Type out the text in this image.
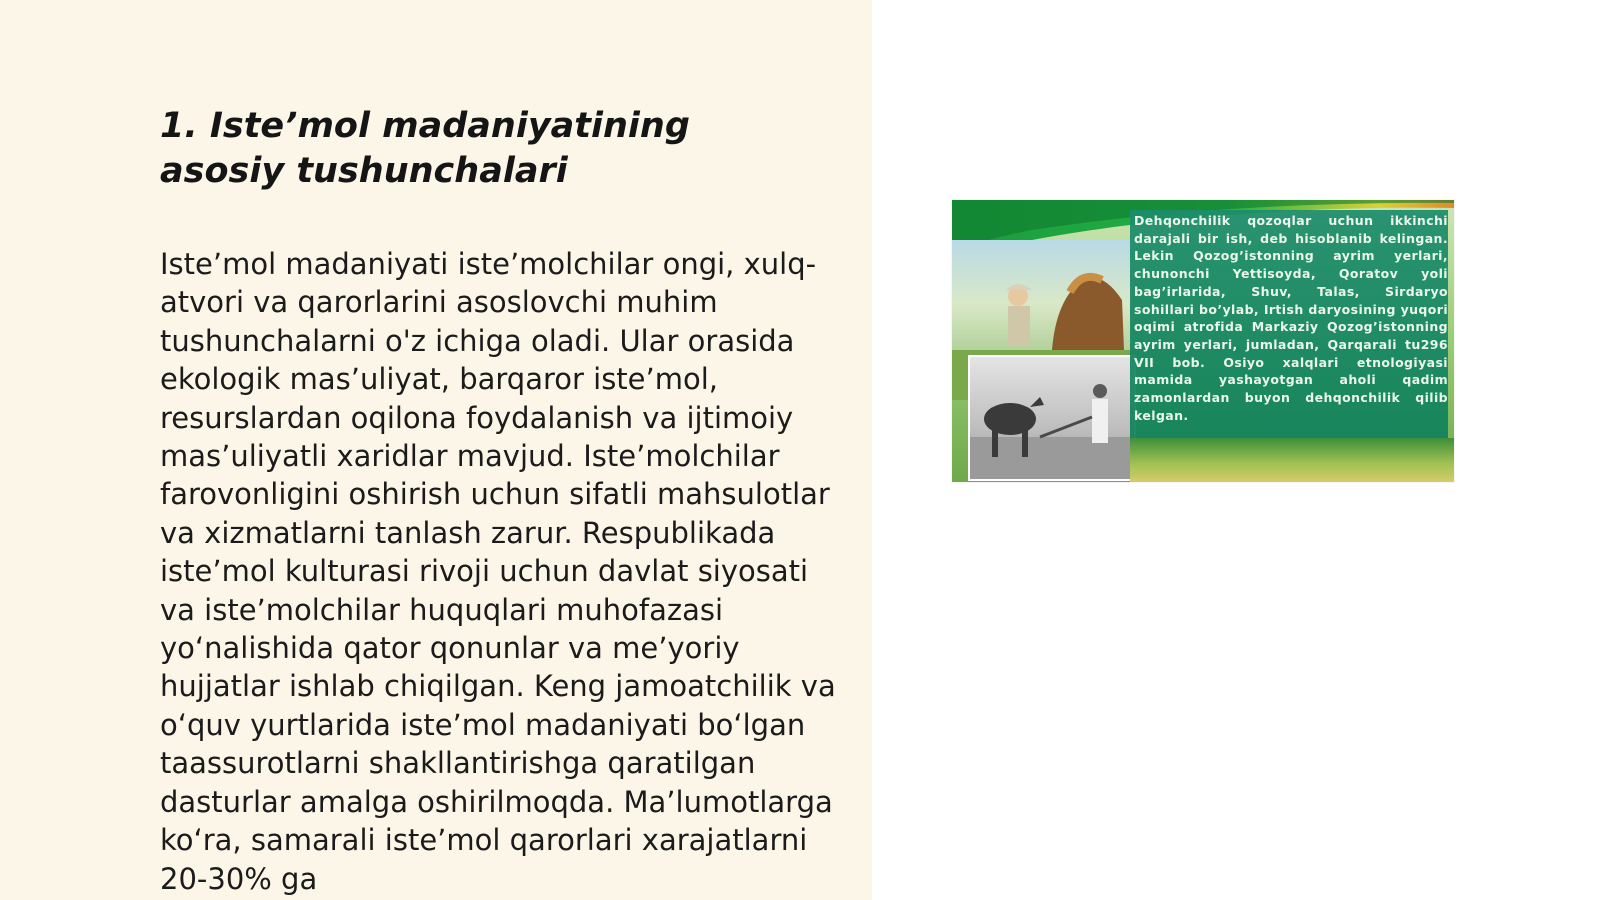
1. Iste’mol madaniyatining asosiy tushunchalari

Iste’mol madaniyati iste’molchilar ongi, xulq-atvori va qarorlarini asoslovchi muhim tushunchalarni o'z ichiga oladi. Ular orasida ekologik mas’uliyat, barqaror iste’mol, resurslardan oqilona foydalanish va ijtimoiy mas’uliyatli xaridlar mavjud. Iste’molchilar farovonligini oshirish uchun sifatli mahsulotlar va xizmatlarni tanlash zarur. Respublikada iste’mol kulturasi rivoji uchun davlat siyosati va iste’molchilar huquqlari muhofazasi yo‘nalishida qator qonunlar va me’yoriy hujjatlar ishlab chiqilgan. Keng jamoatchilik va o‘quv yurtlarida iste’mol madaniyati bo‘lgan taassurotlarni shakllantirishga qaratilgan dasturlar amalga oshirilmoqda. Ma’lumotlarga ko‘ra, samarali iste’mol qarorlari xarajatlarni 20-30% ga

Dehqonchilik qozoqlar uchun ikkinchi darajali bir ish, deb hisoblanib kelingan. Lekin Qozog’istonning ayrim yerlari, chunonchi Yettisoyda, Qoratov yoli bag’irlarida, Shuv, Talas, Sirdaryo sohillari bo’ylab, Irtish daryosining yuqori oqimi atrofida Markaziy Qozog’istonning ayrim yerlari, jumladan, Qarqarali tu296 VII bob. Osiyo xalqlari etnologiyasi mamida yashayotgan aholi qadim zamonlardan buyon dehqonchilik qilib kelgan.
